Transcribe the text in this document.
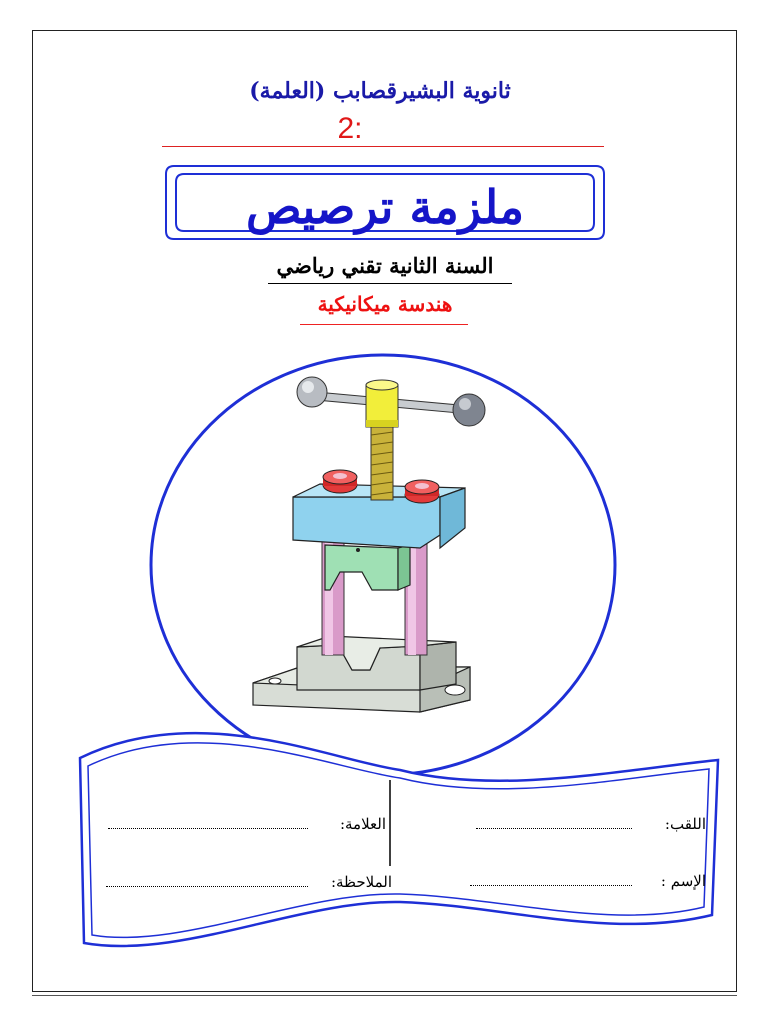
ثانوية البشيرقصابب (العلمة)
2:
ملزمة ترصيص
السنة الثانية تقني رياضي
هندسة ميكانيكية
اللقب:
الإسم :
العلامة:
الملاحظة:
